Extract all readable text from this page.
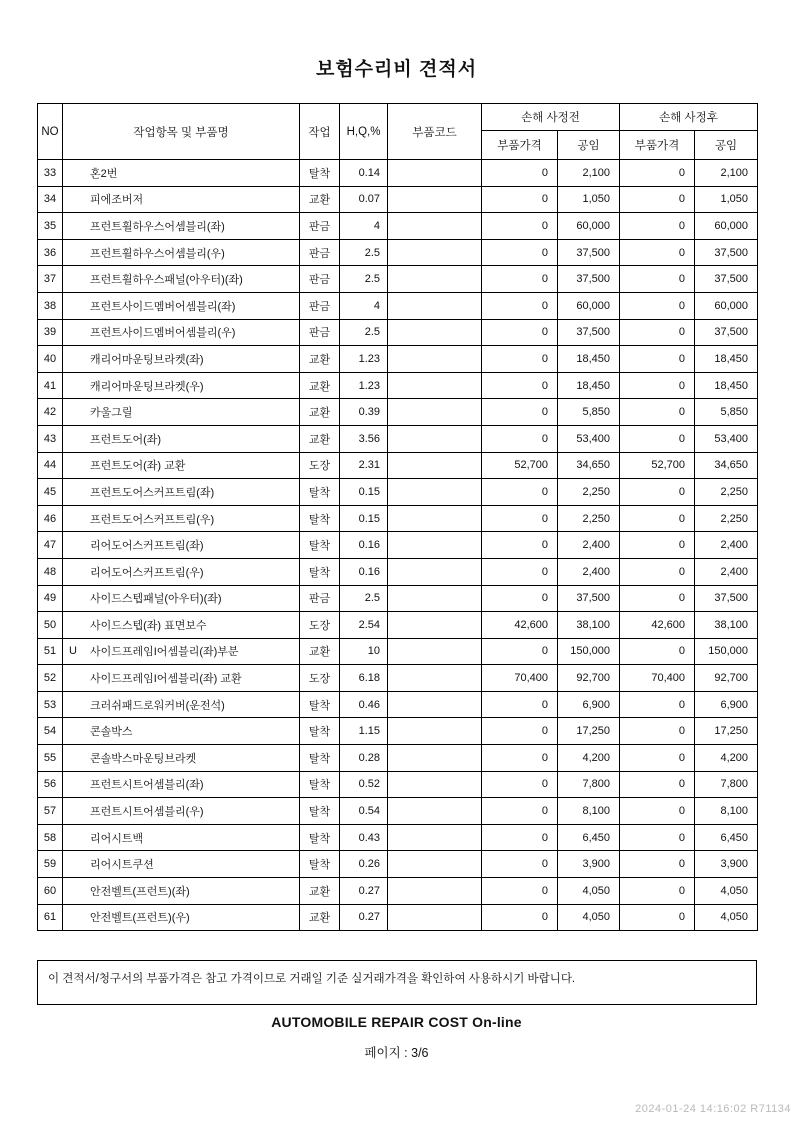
보험수리비 견적서
NO	작업항목 및 부품명	작업	H,Q,%	부품코드	손해 사정전		손해 사정후	
					부품가격	공임	부품가격	공임
33	혼2번	탈착	0.14		0	2,100	0	2,100
34	피에조버저	교환	0.07		0	1,050	0	1,050
35	프런트휠하우스어셈블리(좌)	판금	4		0	60,000	0	60,000
36	프런트휠하우스어셈블리(우)	판금	2.5		0	37,500	0	37,500
37	프런트휠하우스패널(아우터)(좌)	판금	2.5		0	37,500	0	37,500
38	프런트사이드멤버어셈블리(좌)	판금	4		0	60,000	0	60,000
39	프런트사이드멤버어셈블리(우)	판금	2.5		0	37,500	0	37,500
40	캐리어마운팅브라켓(좌)	교환	1.23		0	18,450	0	18,450
41	캐리어마운팅브라켓(우)	교환	1.23		0	18,450	0	18,450
42	카울그릴	교환	0.39		0	5,850	0	5,850
43	프런트도어(좌)	교환	3.56		0	53,400	0	53,400
44	프런트도어(좌) 교환	도장	2.31		52,700	34,650	52,700	34,650
45	프런트도어스커프트림(좌)	탈착	0.15		0	2,250	0	2,250
46	프런트도어스커프트림(우)	탈착	0.15		0	2,250	0	2,250
47	리어도어스커프트림(좌)	탈착	0.16		0	2,400	0	2,400
48	리어도어스커프트림(우)	탈착	0.16		0	2,400	0	2,400
49	사이드스텝패널(아우터)(좌)	판금	2.5		0	37,500	0	37,500
50	사이드스텝(좌) 표면보수	도장	2.54		42,600	38,100	42,600	38,100
51	U 사이드프레임I어셈블리(좌)부분	교환	10		0	150,000	0	150,000
52	사이드프레임I어셈블리(좌) 교환	도장	6.18		70,400	92,700	70,400	92,700
53	크러쉬패드로워커버(운전석)	탈착	0.46		0	6,900	0	6,900
54	콘솔박스	탈착	1.15		0	17,250	0	17,250
55	콘솔박스마운팅브라켓	탈착	0.28		0	4,200	0	4,200
56	프런트시트어셈블리(좌)	탈착	0.52		0	7,800	0	7,800
57	프런트시트어셈블리(우)	탈착	0.54		0	8,100	0	8,100
58	리어시트백	탈착	0.43		0	6,450	0	6,450
59	리어시트쿠션	탈착	0.26		0	3,900	0	3,900
60	안전벨트(프런트)(좌)	교환	0.27		0	4,050	0	4,050
61	안전벨트(프런트)(우)	교환	0.27		0	4,050	0	4,050
이 견적서/청구서의 부품가격은 참고 가격이므로 거래일 기준 실거래가격을 확인하여 사용하시기 바랍니다.
AUTOMOBILE REPAIR COST On-line
페이지 : 3/6
2024-01-24 14:16:02 R71134
